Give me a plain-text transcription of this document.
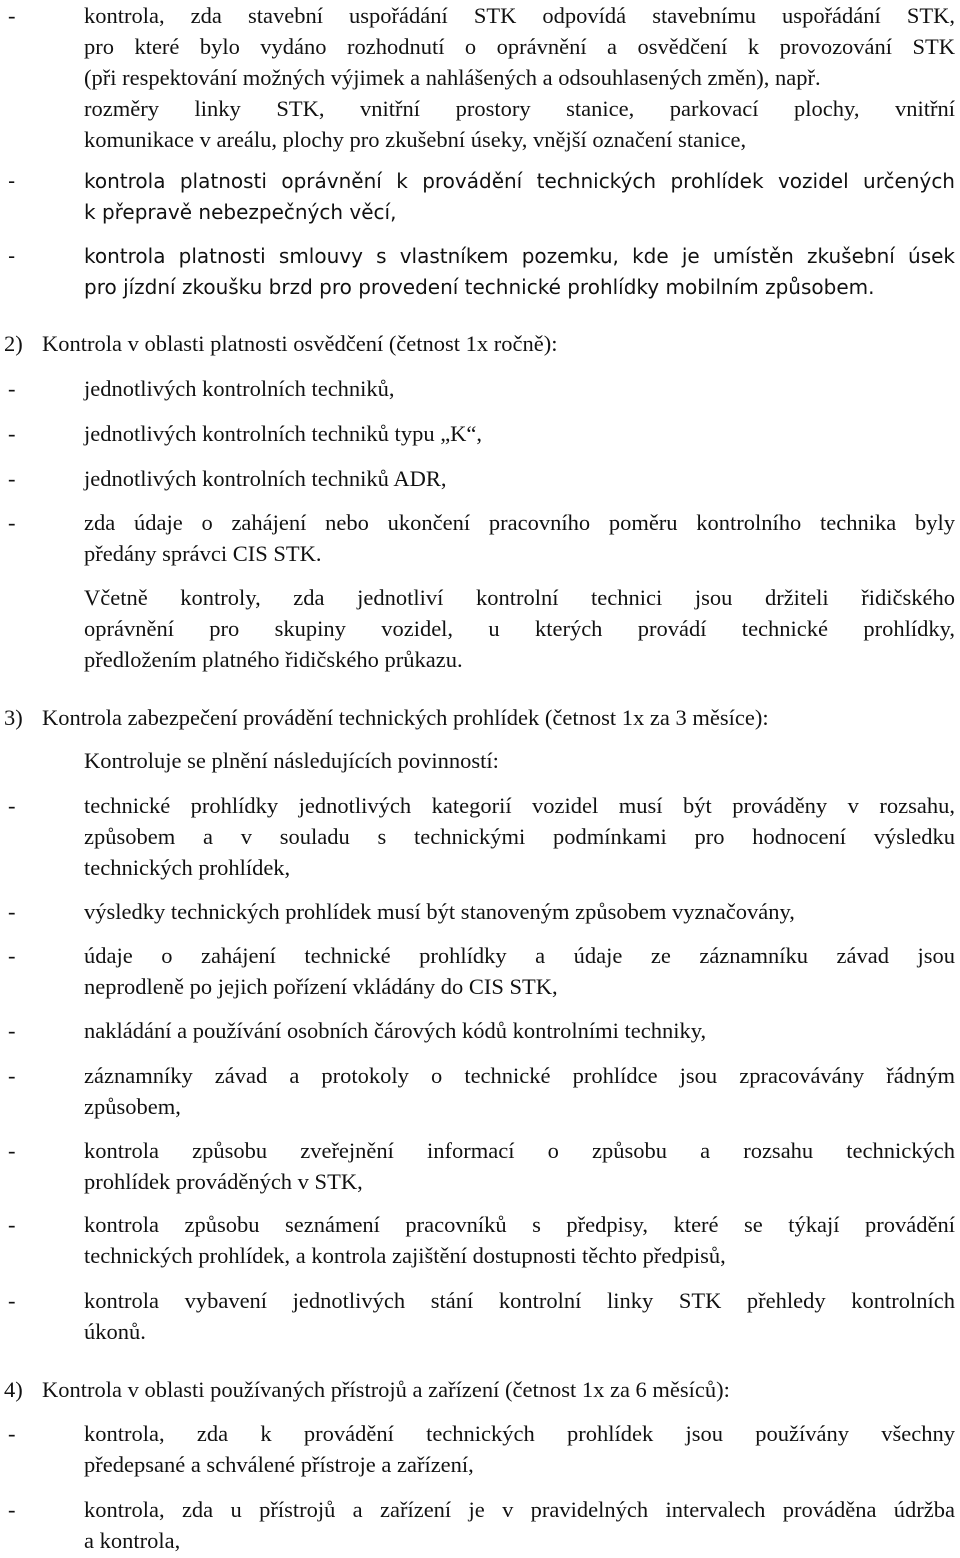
-	kontrola, zda stavební uspořádání STK odpovídá stavebnímu uspořádání STK,
pro které bylo vydáno rozhodnutí o oprávnění a osvědčení k provozování STK
(při respektování možných výjimek a nahlášených a odsouhlasených změn), např.
rozměry linky STK, vnitřní prostory stanice, parkovací plochy, vnitřní
komunikace v areálu, plochy pro zkušební úseky, vnější označení stanice,
-	kontrola platnosti oprávnění k provádění technických prohlídek vozidel určených
k přepravě nebezpečných věcí,
-	kontrola platnosti smlouvy s vlastníkem pozemku, kde je umístěn zkušební úsek
pro jízdní zkoušku brzd pro provedení technické prohlídky mobilním způsobem.
2) Kontrola v oblasti platnosti osvědčení (četnost 1x ročně):
-	jednotlivých kontrolních techniků,
-	jednotlivých kontrolních techniků typu „K“,
-	jednotlivých kontrolních techniků ADR,
-	zda údaje o zahájení nebo ukončení pracovního poměru kontrolního technika byly
předány správci CIS STK.
Včetně kontroly, zda jednotliví kontrolní technici jsou držiteli řidičského
oprávnění pro skupiny vozidel, u kterých provádí technické prohlídky,
předložením platného řidičského průkazu.
3) Kontrola zabezpečení provádění technických prohlídek (četnost 1x za 3 měsíce):
Kontroluje se plnění následujících povinností:
-	technické prohlídky jednotlivých kategorií vozidel musí být prováděny v rozsahu,
způsobem a v souladu s technickými podmínkami pro hodnocení výsledku
technických prohlídek,
-	výsledky technických prohlídek musí být stanoveným způsobem vyznačovány,
-	údaje o zahájení technické prohlídky a údaje ze záznamníku závad jsou
neprodleně po jejich pořízení vkládány do CIS STK,
-	nakládání a používání osobních čárových kódů kontrolními techniky,
-	záznamníky závad a protokoly o technické prohlídce jsou zpracovávány řádným
způsobem,
-	kontrola způsobu zveřejnění informací o způsobu a rozsahu technických
prohlídek prováděných v STK,
-	kontrola způsobu seznámení pracovníků s předpisy, které se týkají provádění
technických prohlídek, a kontrola zajištění dostupnosti těchto předpisů,
-	kontrola vybavení jednotlivých stání kontrolní linky STK přehledy kontrolních
úkonů.
4) Kontrola v oblasti používaných přístrojů a zařízení (četnost 1x za 6 měsíců):
-	kontrola, zda k provádění technických prohlídek jsou používány všechny
předepsané a schválené přístroje a zařízení,
-	kontrola, zda u přístrojů a zařízení je v pravidelných intervalech prováděna údržba
a kontrola,
